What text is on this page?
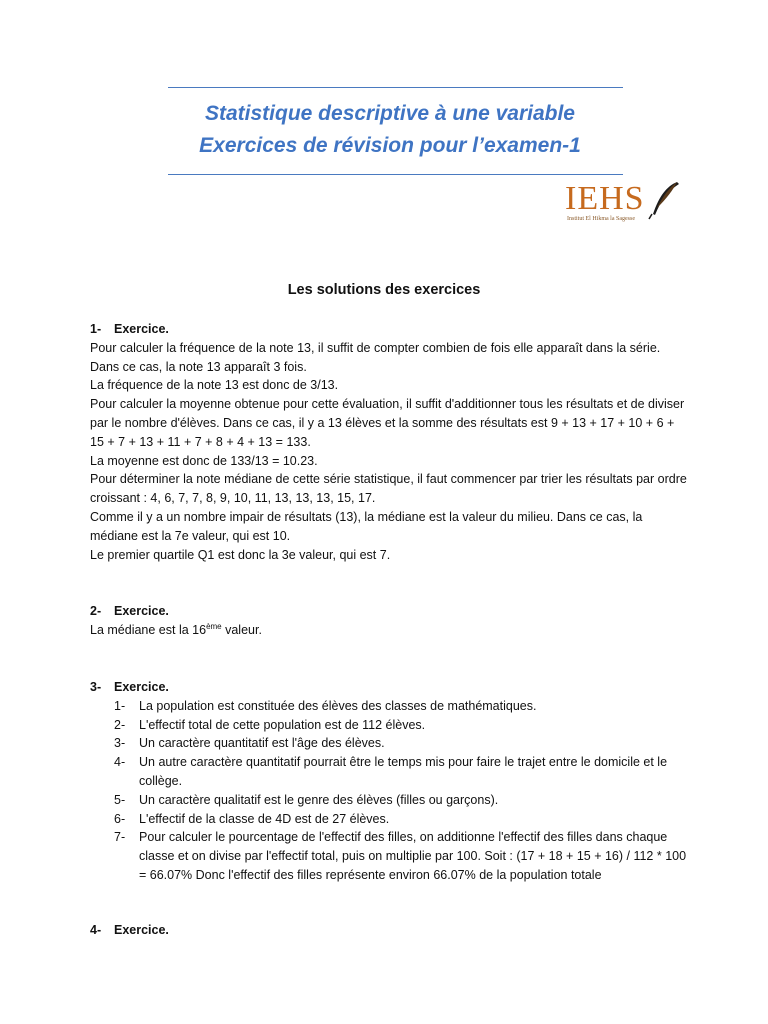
Statistique descriptive à une variable
Exercices de révision pour l’examen-1
IEHS
Institut El Hikma la Sagesse
Les solutions des exercices

1- Exercice.

Pour calculer la fréquence de la note 13, il suffit de compter combien de fois elle apparaît dans la série. Dans ce cas, la note 13 apparaît 3 fois.

La fréquence de la note 13 est donc de 3/13.

Pour calculer la moyenne obtenue pour cette évaluation, il suffit d'additionner tous les résultats et de diviser par le nombre d'élèves. Dans ce cas, il y a 13 élèves et la somme des résultats est 9 + 13 + 17 + 10 + 6 + 15 + 7 + 13 + 11 + 7 + 8 + 4 + 13 = 133.

La moyenne est donc de 133/13 = 10.23.

Pour déterminer la note médiane de cette série statistique, il faut commencer par trier les résultats par ordre croissant : 4, 6, 7, 7, 8, 9, 10, 11, 13, 13, 13, 15, 17.

Comme il y a un nombre impair de résultats (13), la médiane est la valeur du milieu. Dans ce cas, la médiane est la 7e valeur, qui est 10.

Le premier quartile Q1 est donc la 3e valeur, qui est 7.

2- Exercice.

La médiane est la 16ème valeur.

3- Exercice.

1- La population est constituée des élèves des classes de mathématiques.
2- L'effectif total de cette population est de 112 élèves.
3- Un caractère quantitatif est l'âge des élèves.
4- Un autre caractère quantitatif pourrait être le temps mis pour faire le trajet entre le domicile et le collège.
5- Un caractère qualitatif est le genre des élèves (filles ou garçons).
6- L'effectif de la classe de 4D est de 27 élèves.
7- Pour calculer le pourcentage de l'effectif des filles, on additionne l'effectif des filles dans chaque classe et on divise par l'effectif total, puis on multiplie par 100. Soit : (17 + 18 + 15 + 16) / 112 * 100 = 66.07% Donc l'effectif des filles représente environ 66.07% de la population totale

4- Exercice.
